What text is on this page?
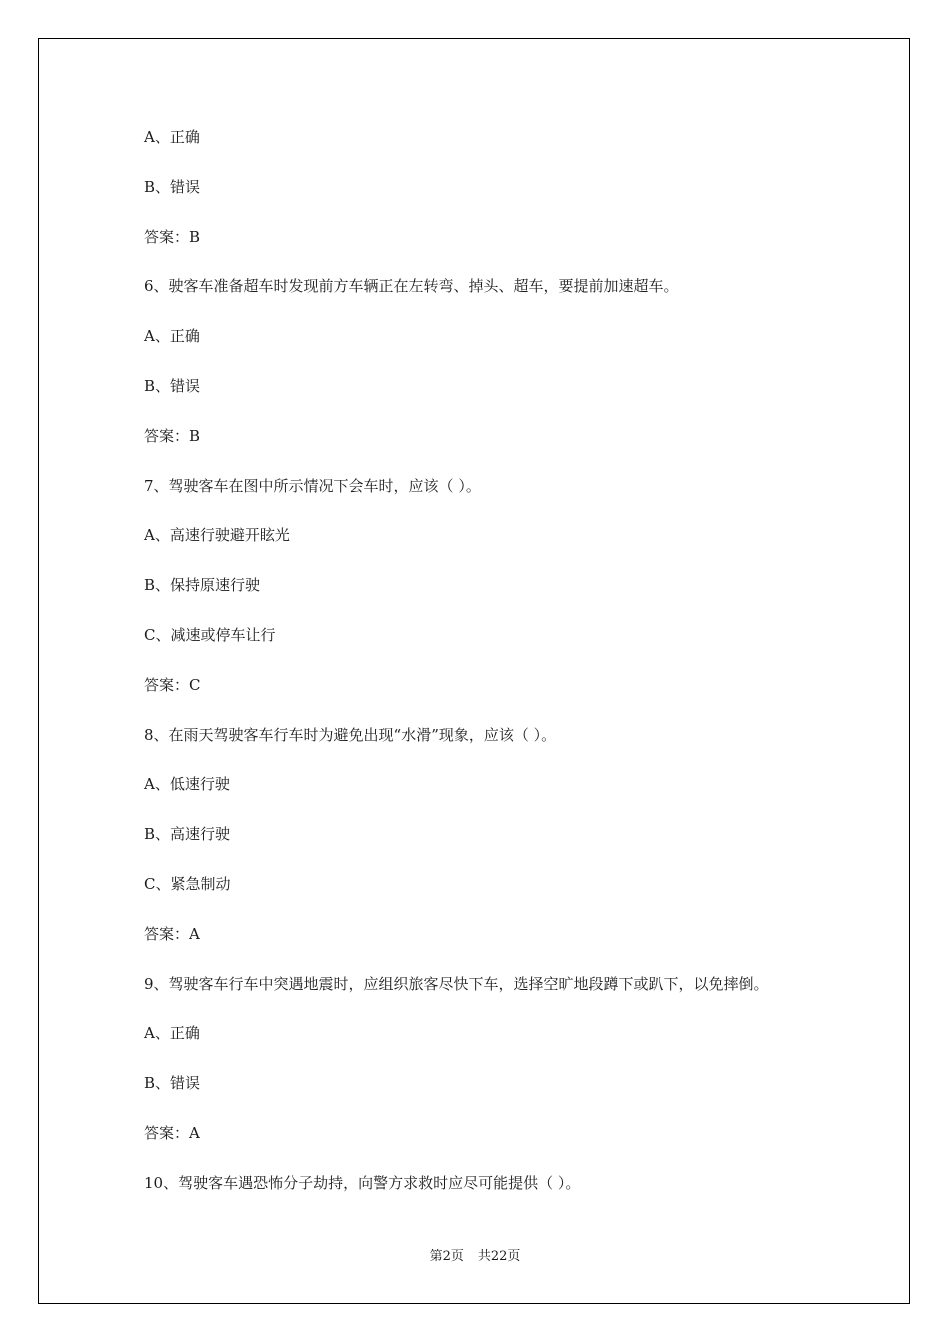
A、正确
B、错误
答案：B
6、驶客车准备超车时发现前方车辆正在左转弯、掉头、超车，要提前加速超车。
A、正确
B、错误
答案：B
7、驾驶客车在图中所示情况下会车时，应该（ ）。
A、高速行驶避开眩光
B、保持原速行驶
C、减速或停车让行
答案：C
8、在雨天驾驶客车行车时为避免出现“水滑”现象，应该（ ）。
A、低速行驶
B、高速行驶
C、紧急制动
答案：A
9、驾驶客车行车中突遇地震时，应组织旅客尽快下车，选择空旷地段蹲下或趴下，以免摔倒。
A、正确
B、错误
答案：A
10、驾驶客车遇恐怖分子劫持，向警方求救时应尽可能提供（ ）。
第2页 共22页
